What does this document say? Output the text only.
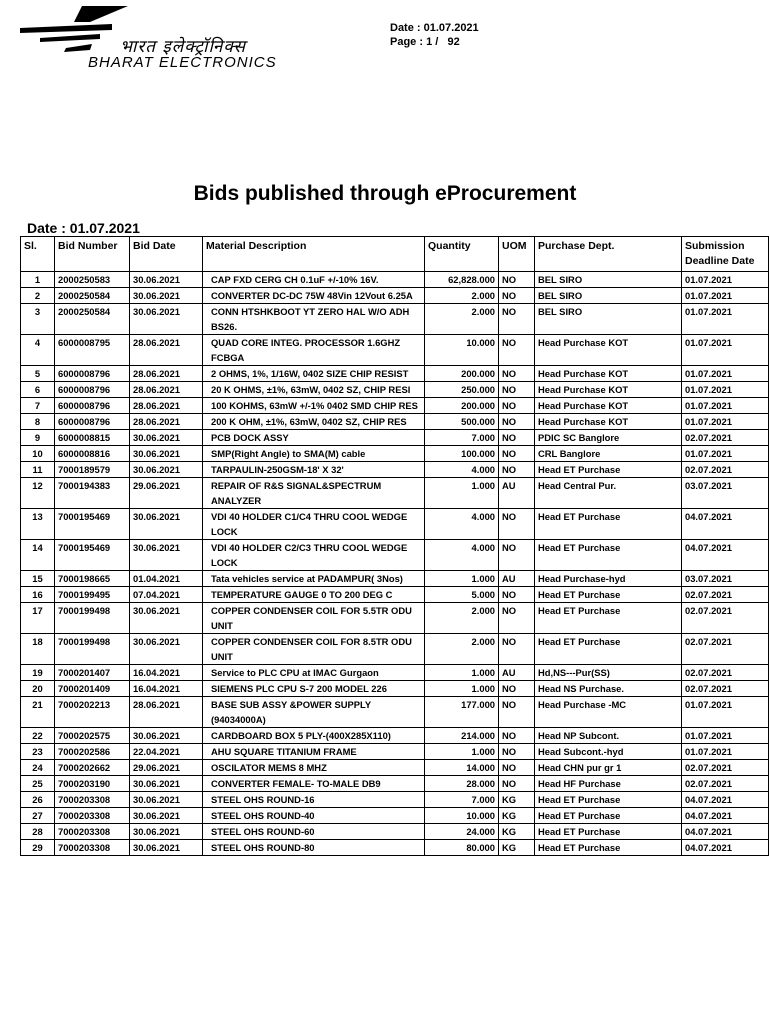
भारत इलेक्ट्रॉनिक्स
BHARAT ELECTRONICS
Date : 01.07.2021
Page : 1 /   92
Bids published through eProcurement
Date : 01.07.2021
Sl.	Bid Number	Bid Date	Material Description	Quantity	UOM	Purchase Dept.	Submission Deadline Date
1	2000250583	30.06.2021	CAP FXD CERG CH 0.1uF +/-10% 16V.	62,828.000	NO	BEL SIRO	01.07.2021
2	2000250584	30.06.2021	CONVERTER DC-DC 75W 48Vin 12Vout 6.25A	2.000	NO	BEL SIRO	01.07.2021
3	2000250584	30.06.2021	CONN HTSHKBOOT YT ZERO HAL W/O ADH BS26.	2.000	NO	BEL SIRO	01.07.2021
4	6000008795	28.06.2021	QUAD CORE INTEG. PROCESSOR 1.6GHZ FCBGA	10.000	NO	Head Purchase KOT	01.07.2021
5	6000008796	28.06.2021	2 OHMS, 1%, 1/16W, 0402 SIZE CHIP RESIST	200.000	NO	Head Purchase KOT	01.07.2021
6	6000008796	28.06.2021	20 K OHMS, ±1%, 63mW, 0402 SZ, CHIP RESI	250.000	NO	Head Purchase KOT	01.07.2021
7	6000008796	28.06.2021	100 KOHMS, 63mW +/-1% 0402 SMD CHIP RES	200.000	NO	Head Purchase KOT	01.07.2021
8	6000008796	28.06.2021	200 K OHM, ±1%, 63mW, 0402 SZ, CHIP RES	500.000	NO	Head Purchase KOT	01.07.2021
9	6000008815	30.06.2021	PCB DOCK ASSY	7.000	NO	PDIC SC Banglore	02.07.2021
10	6000008816	30.06.2021	SMP(Right Angle) to SMA(M) cable	100.000	NO	CRL Banglore	01.07.2021
11	7000189579	30.06.2021	TARPAULIN-250GSM-18' X 32'	4.000	NO	Head ET Purchase	02.07.2021
12	7000194383	29.06.2021	REPAIR OF R&S SIGNAL&SPECTRUM ANALYZER	1.000	AU	Head Central Pur.	03.07.2021
13	7000195469	30.06.2021	VDI 40 HOLDER C1/C4 THRU COOL WEDGE LOCK	4.000	NO	Head ET Purchase	04.07.2021
14	7000195469	30.06.2021	VDI 40 HOLDER C2/C3 THRU COOL WEDGE LOCK	4.000	NO	Head ET Purchase	04.07.2021
15	7000198665	01.04.2021	Tata vehicles service at PADAMPUR( 3Nos)	1.000	AU	Head Purchase-hyd	03.07.2021
16	7000199495	07.04.2021	TEMPERATURE GAUGE 0 TO 200 DEG C	5.000	NO	Head ET Purchase	02.07.2021
17	7000199498	30.06.2021	COPPER CONDENSER COIL FOR 5.5TR ODU UNIT	2.000	NO	Head ET Purchase	02.07.2021
18	7000199498	30.06.2021	COPPER CONDENSER COIL FOR 8.5TR ODU UNIT	2.000	NO	Head ET Purchase	02.07.2021
19	7000201407	16.04.2021	Service to PLC CPU at IMAC Gurgaon	1.000	AU	Hd,NS---Pur(SS)	02.07.2021
20	7000201409	16.04.2021	SIEMENS PLC CPU S-7 200 MODEL 226	1.000	NO	Head NS Purchase.	02.07.2021
21	7000202213	28.06.2021	BASE SUB ASSY &POWER SUPPLY (94034000A)	177.000	NO	Head Purchase -MC	01.07.2021
22	7000202575	30.06.2021	CARDBOARD BOX 5 PLY-(400X285X110)	214.000	NO	Head NP Subcont.	01.07.2021
23	7000202586	22.04.2021	AHU SQUARE TITANIUM FRAME	1.000	NO	Head Subcont.-hyd	01.07.2021
24	7000202662	29.06.2021	OSCILATOR MEMS 8 MHZ	14.000	NO	Head CHN pur gr 1	02.07.2021
25	7000203190	30.06.2021	CONVERTER FEMALE- TO-MALE DB9	28.000	NO	Head HF Purchase	02.07.2021
26	7000203308	30.06.2021	STEEL OHS ROUND-16	7.000	KG	Head ET Purchase	04.07.2021
27	7000203308	30.06.2021	STEEL OHS ROUND-40	10.000	KG	Head ET Purchase	04.07.2021
28	7000203308	30.06.2021	STEEL OHS ROUND-60	24.000	KG	Head ET Purchase	04.07.2021
29	7000203308	30.06.2021	STEEL OHS ROUND-80	80.000	KG	Head ET Purchase	04.07.2021
